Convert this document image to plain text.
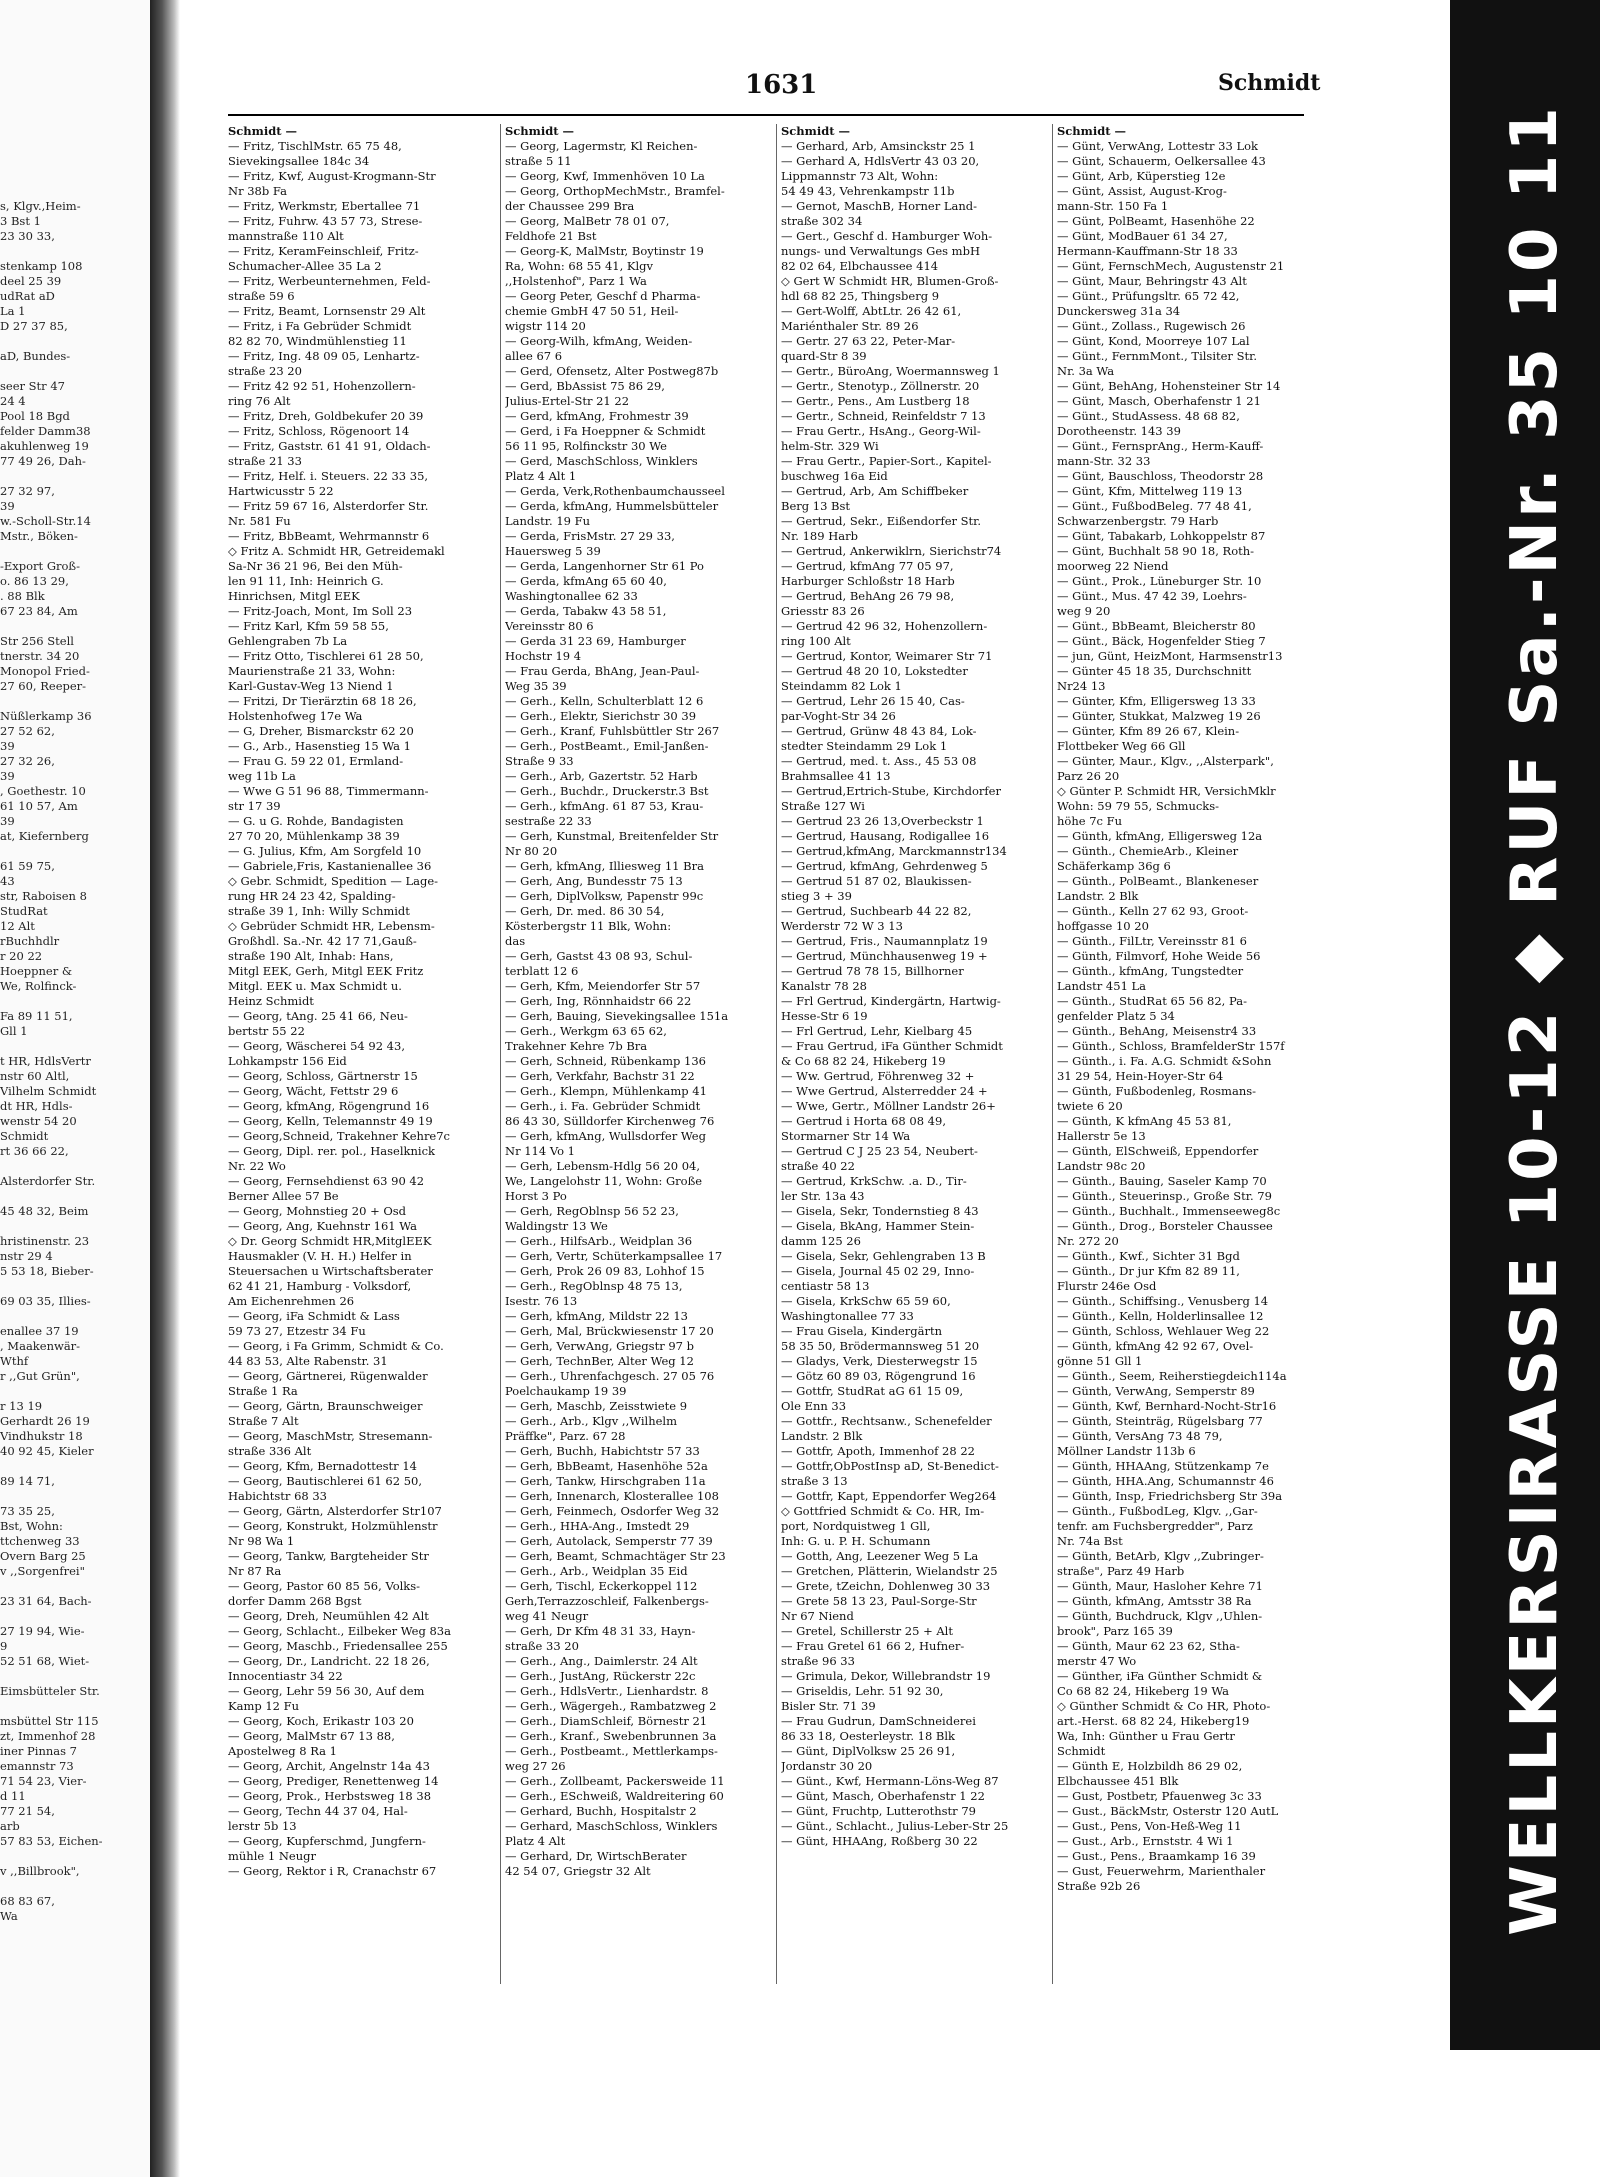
s, Klgv.,Heim-
3 Bst 1
23 30 33,

stenkamp 108
deel 25 39
udRat aD
La 1
D 27 37 85,

aD, Bundes-

seer Str 47
24 4
Pool 18 Bgd
felder Damm38
akuhlenweg 19
77 49 26, Dah-

27 32 97,
39
w.-Scholl-Str.14
Mstr., Böken-

-Export Groß-
o. 86 13 29,
. 88 Blk
67 23 84, Am

Str 256 Stell
tnerstr. 34 20
Monopol Fried-
27 60, Reeper-

Nüßlerkamp 36
27 52 62,
39
27 32 26,
39
, Goethestr. 10
61 10 57, Am
39
at, Kiefernberg

61 59 75,
43
str, Raboisen 8
StudRat
12 Alt
rBuchhdlr
r 20 22
Hoeppner &
We, Rolfinck-

Fa 89 11 51,
Gll 1

t HR, HdlsVertr
nstr 60 Altl,
Vilhelm Schmidt
dt HR, Hdls-
wenstr 54 20
Schmidt
rt 36 66 22,

Alsterdorfer Str.

45 48 32, Beim

hristinenstr. 23
nstr 29 4
5 53 18, Bieber-

69 03 35, Illies-

enallee 37 19
, Maakenwär-
Wthf
r ,,Gut Grün",

r 13 19
Gerhardt 26 19
Vindhukstr 18
40 92 45, Kieler

89 14 71,

73 35 25,
Bst, Wohn:
ttchenweg 33
Overn Barg 25
v ,,Sorgenfrei"

23 31 64, Bach-

27 19 94, Wie-
9
52 51 68, Wiet-

Eimsbütteler Str.

msbüttel Str 115
zt, Immenhof 28
iner Pinnas 7
emannstr 73
71 54 23, Vier-
d 11
77 21 54,
arb
57 83 53, Eichen-

v ,,Billbrook",

68 83 67,
Wa
1631	Schmidt
Schmidt —
— Fritz, TischlMstr. 65 75 48,
Sievekingsallee 184c 34
— Fritz, Kwf, August-Krogmann-Str
Nr 38b Fa
— Fritz, Werkmstr, Ebertallee 71
— Fritz, Fuhrw. 43 57 73, Strese-
mannstraße 110 Alt
— Fritz, KeramFeinschleif, Fritz-
Schumacher-Allee 35 La 2
— Fritz, Werbeunternehmen, Feld-
straße 59 6
— Fritz, Beamt, Lornsenstr 29 Alt
— Fritz, i Fa Gebrüder Schmidt
82 82 70, Windmühlenstieg 11
— Fritz, Ing. 48 09 05, Lenhartz-
straße 23 20
— Fritz 42 92 51, Hohenzollern-
ring 76 Alt
— Fritz, Dreh, Goldbekufer 20 39
— Fritz, Schloss, Rögenoort 14
— Fritz, Gaststr. 61 41 91, Oldach-
straße 21 33
— Fritz, Helf. i. Steuers. 22 33 35,
Hartwicusstr 5 22
— Fritz 59 67 16, Alsterdorfer Str.
Nr. 581 Fu
— Fritz, BbBeamt, Wehrmannstr 6
◇ Fritz A. Schmidt HR, Getreidemakl
Sa-Nr 36 21 96, Bei den Müh-
len 91 11, Inh: Heinrich G.
Hinrichsen, Mitgl EEK
— Fritz-Joach, Mont, Im Soll 23
— Fritz Karl, Kfm 59 58 55,
Gehlengraben 7b La
— Fritz Otto, Tischlerei 61 28 50,
Maurienstraße 21 33, Wohn:
Karl-Gustav-Weg 13 Niend 1
— Fritzi, Dr Tierärztin 68 18 26,
Holstenhofweg 17e Wa
— G, Dreher, Bismarckstr 62 20
— G., Arb., Hasenstieg 15 Wa 1
— Frau G. 59 22 01, Ermland-
weg 11b La
— Wwe G 51 96 88, Timmermann-
str 17 39
— G. u G. Rohde, Bandagisten
27 70 20, Mühlenkamp 38 39
— G. Julius, Kfm, Am Sorgfeld 10
— Gabriele,Fris, Kastanienallee 36
◇ Gebr. Schmidt, Spedition — Lage-
rung HR 24 23 42, Spalding-
straße 39 1, Inh: Willy Schmidt
◇ Gebrüder Schmidt HR, Lebensm-
Großhdl. Sa.-Nr. 42 17 71,Gauß-
straße 190 Alt, Inhab: Hans,
Mitgl EEK, Gerh, Mitgl EEK Fritz
Mitgl. EEK u. Max Schmidt u.
Heinz Schmidt
— Georg, tAng. 25 41 66, Neu-
bertstr 55 22
— Georg, Wäscherei 54 92 43,
Lohkampstr 156 Eid
— Georg, Schloss, Gärtnerstr 15
— Georg, Wächt, Fettstr 29 6
— Georg, kfmAng, Rögengrund 16
— Georg, Kelln, Telemannstr 49 19
— Georg,Schneid, Trakehner Kehre7c
— Georg, Dipl. rer. pol., Haselknick
Nr. 22 Wo
— Georg, Fernsehdienst 63 90 42
Berner Allee 57 Be
— Georg, Mohnstieg 20 + Osd
— Georg, Ang, Kuehnstr 161 Wa
◇ Dr. Georg Schmidt HR,MitglEEK
Hausmakler (V. H. H.) Helfer in
Steuersachen u Wirtschaftsberater
62 41 21, Hamburg - Volksdorf,
Am Eichenrehmen 26
— Georg, iFa Schmidt & Lass
59 73 27, Etzestr 34 Fu
— Georg, i Fa Grimm, Schmidt & Co.
44 83 53, Alte Rabenstr. 31
— Georg, Gärtnerei, Rügenwalder
Straße 1 Ra
— Georg, Gärtn, Braunschweiger
Straße 7 Alt
— Georg, MaschMstr, Stresemann-
straße 336 Alt
— Georg, Kfm, Bernadottestr 14
— Georg, Bautischlerei 61 62 50,
Habichtstr 68 33
— Georg, Gärtn, Alsterdorfer Str107
— Georg, Konstrukt, Holzmühlenstr
Nr 98 Wa 1
— Georg, Tankw, Bargteheider Str
Nr 87 Ra
— Georg, Pastor 60 85 56, Volks-
dorfer Damm 268 Bgst
— Georg, Dreh, Neumühlen 42 Alt
— Georg, Schlacht., Eilbeker Weg 83a
— Georg, Maschb., Friedensallee 255
— Georg, Dr., Landricht. 22 18 26,
Innocentiastr 34 22
— Georg, Lehr 59 56 30, Auf dem
Kamp 12 Fu
— Georg, Koch, Erikastr 103 20
— Georg, MalMstr 67 13 88,
Apostelweg 8 Ra 1
— Georg, Archit, Angelnstr 14a 43
— Georg, Prediger, Renettenweg 14
— Georg, Prok., Herbstsweg 18 38
— Georg, Techn 44 37 04, Hal-
lerstr 5b 13
— Georg, Kupferschmd, Jungfern-
mühle 1 Neugr
— Georg, Rektor i R, Cranachstr 67
Schmidt —
— Georg, Lagermstr, Kl Reichen-
straße 5 11
— Georg, Kwf, Immenhöven 10 La
— Georg, OrthopMechMstr., Bramfel-
der Chaussee 299 Bra
— Georg, MalBetr 78 01 07,
Feldhofe 21 Bst
— Georg-K, MalMstr, Boytinstr 19
Ra, Wohn: 68 55 41, Klgv
,,Holstenhof", Parz 1 Wa
— Georg Peter, Geschf d Pharma-
chemie GmbH 47 50 51, Heil-
wigstr 114 20
— Georg-Wilh, kfmAng, Weiden-
allee 67 6
— Gerd, Ofensetz, Alter Postweg87b
— Gerd, BbAssist 75 86 29,
Julius-Ertel-Str 21 22
— Gerd, kfmAng, Frohmestr 39
— Gerd, i Fa Hoeppner & Schmidt
56 11 95, Rolfinckstr 30 We
— Gerd, MaschSchloss, Winklers
Platz 4 Alt 1
— Gerda, Verk,Rothenbaumchausseel
— Gerda, kfmAng, Hummelsbütteler
Landstr. 19 Fu
— Gerda, FrisMstr. 27 29 33,
Hauersweg 5 39
— Gerda, Langenhorner Str 61 Po
— Gerda, kfmAng 65 60 40,
Washingtonallee 62 33
— Gerda, Tabakw 43 58 51,
Vereinsstr 80 6
— Gerda 31 23 69, Hamburger
Hochstr 19 4
— Frau Gerda, BhAng, Jean-Paul-
Weg 35 39
— Gerh., Kelln, Schulterblatt 12 6
— Gerh., Elektr, Sierichstr 30 39
— Gerh., Kranf, Fuhlsbüttler Str 267
— Gerh., PostBeamt., Emil-Janßen-
Straße 9 33
— Gerh., Arb, Gazertstr. 52 Harb
— Gerh., Buchdr., Druckerstr.3 Bst
— Gerh., kfmAng. 61 87 53, Krau-
sestraße 22 33
— Gerh, Kunstmal, Breitenfelder Str
Nr 80 20
— Gerh, kfmAng, Illiesweg 11 Bra
— Gerh, Ang, Bundesstr 75 13
— Gerh, DiplVolksw, Papenstr 99c
— Gerh, Dr. med. 86 30 54,
Kösterbergstr 11 Blk, Wohn:
das
— Gerh, Gastst 43 08 93, Schul-
terblatt 12 6
— Gerh, Kfm, Meiendorfer Str 57
— Gerh, Ing, Rönnhaidstr 66 22
— Gerh, Bauing, Sievekingsallee 151a
— Gerh., Werkgm 63 65 62,
Trakehner Kehre 7b Bra
— Gerh, Schneid, Rübenkamp 136
— Gerh, Verkfahr, Bachstr 31 22
— Gerh., Klempn, Mühlenkamp 41
— Gerh., i. Fa. Gebrüder Schmidt
86 43 30, Sülldorfer Kirchenweg 76
— Gerh, kfmAng, Wullsdorfer Weg
Nr 114 Vo 1
— Gerh, Lebensm-Hdlg 56 20 04,
We, Langelohstr 11, Wohn: Große
Horst 3 Po
— Gerh, RegOblnsp 56 52 23,
Waldingstr 13 We
— Gerh., HilfsArb., Weidplan 36
— Gerh, Vertr, Schüterkampsallee 17
— Gerh, Prok 26 09 83, Lohhof 15
— Gerh., RegOblnsp 48 75 13,
Isestr. 76 13
— Gerh, kfmAng, Mildstr 22 13
— Gerh, Mal, Brückwiesenstr 17 20
— Gerh, VerwAng, Griegstr 97 b
— Gerh, TechnBer, Alter Weg 12
— Gerh., Uhrenfachgesch. 27 05 76
Poelchaukamp 19 39
— Gerh, Maschb, Zeisstwiete 9
— Gerh., Arb., Klgv ,,Wilhelm
Präffke", Parz. 67 28
— Gerh, Buchh, Habichtstr 57 33
— Gerh, BbBeamt, Hasenhöhe 52a
— Gerh, Tankw, Hirschgraben 11a
— Gerh, Innenarch, Klosterallee 108
— Gerh, Feinmech, Osdorfer Weg 32
— Gerh., HHA-Ang., Imstedt 29
— Gerh, Autolack, Semperstr 77 39
— Gerh, Beamt, Schmachtäger Str 23
— Gerh., Arb., Weidplan 35 Eid
— Gerh, Tischl, Eckerkoppel 112
Gerh,Terrazzoschleif, Falkenbergs-
weg 41 Neugr
— Gerh, Dr Kfm 48 31 33, Hayn-
straße 33 20
— Gerh., Ang., Daimlerstr. 24 Alt
— Gerh., JustAng, Rückerstr 22c
— Gerh., HdlsVertr., Lienhardstr. 8
— Gerh., Wägergeh., Rambatzweg 2
— Gerh., DiamSchleif, Börnestr 21
— Gerh., Kranf., Swebenbrunnen 3a
— Gerh., Postbeamt., Mettlerkamps-
weg 27 26
— Gerh., Zollbeamt, Packersweide 11
— Gerh., ESchweiß, Waldreitering 60
— Gerhard, Buchh, Hospitalstr 2
— Gerhard, MaschSchloss, Winklers
Platz 4 Alt
— Gerhard, Dr, WirtschBerater
42 54 07, Griegstr 32 Alt
Schmidt —
— Gerhard, Arb, Amsinckstr 25 1
— Gerhard A, HdlsVertr 43 03 20,
Lippmannstr 73 Alt, Wohn:
54 49 43, Vehrenkampstr 11b
— Gernot, MaschB, Horner Land-
straße 302 34
— Gert., Geschf d. Hamburger Woh-
nungs- und Verwaltungs Ges mbH
82 02 64, Elbchaussee 414
◇ Gert W Schmidt HR, Blumen-Groß-
hdl 68 82 25, Thingsberg 9
— Gert-Wolff, AbtLtr. 26 42 61,
Mariénthaler Str. 89 26
— Gertr. 27 63 22, Peter-Mar-
quard-Str 8 39
— Gertr., BüroAng, Woermannsweg 1
— Gertr., Stenotyp., Zöllnerstr. 20
— Gertr., Pens., Am Lustberg 18
— Gertr., Schneid, Reinfeldstr 7 13
— Frau Gertr., HsAng., Georg-Wil-
helm-Str. 329 Wi
— Frau Gertr., Papier-Sort., Kapitel-
buschweg 16a Eid
— Gertrud, Arb, Am Schiffbeker
Berg 13 Bst
— Gertrud, Sekr., Eißendorfer Str.
Nr. 189 Harb
— Gertrud, Ankerwiklrn, Sierichstr74
— Gertrud, kfmAng 77 05 97,
Harburger Schloßstr 18 Harb
— Gertrud, BehAng 26 79 98,
Griesstr 83 26
— Gertrud 42 96 32, Hohenzollern-
ring 100 Alt
— Gertrud, Kontor, Weimarer Str 71
— Gertrud 48 20 10, Lokstedter
Steindamm 82 Lok 1
— Gertrud, Lehr 26 15 40, Cas-
par-Voght-Str 34 26
— Gertrud, Grünw 48 43 84, Lok-
stedter Steindamm 29 Lok 1
— Gertrud, med. t. Ass., 45 53 08
Brahmsallee 41 13
— Gertrud,Ertrich-Stube, Kirchdorfer
Straße 127 Wi
— Gertrud 23 26 13,Overbeckstr 1
— Gertrud, Hausang, Rodigallee 16
— Gertrud,kfmAng, Marckmannstr134
— Gertrud, kfmAng, Gehrdenweg 5
— Gertrud 51 87 02, Blaukissen-
stieg 3 + 39
— Gertrud, Suchbearb 44 22 82,
Werderstr 72 W 3 13
— Gertrud, Fris., Naumannplatz 19
— Gertrud, Münchhausenweg 19 +
— Gertrud 78 78 15, Billhorner
Kanalstr 78 28
— Frl Gertrud, Kindergärtn, Hartwig-
Hesse-Str 6 19
— Frl Gertrud, Lehr, Kielbarg 45
— Frau Gertrud, iFa Günther Schmidt
& Co 68 82 24, Hikeberg 19
— Ww. Gertrud, Föhrenweg 32 +
— Wwe Gertrud, Alsterredder 24 +
— Wwe, Gertr., Möllner Landstr 26+
— Gertrud i Horta 68 08 49,
Stormarner Str 14 Wa
— Gertrud C J 25 23 54, Neubert-
straße 40 22
— Gertrud, KrkSchw. .a. D., Tir-
ler Str. 13a 43
— Gisela, Sekr, Tondernstieg 8 43
— Gisela, BkAng, Hammer Stein-
damm 125 26
— Gisela, Sekr, Gehlengraben 13 B
— Gisela, Journal 45 02 29, Inno-
centiastr 58 13
— Gisela, KrkSchw 65 59 60,
Washingtonallee 77 33
— Frau Gisela, Kindergärtn
58 35 50, Brödermannsweg 51 20
— Gladys, Verk, Diesterwegstr 15
— Götz 60 89 03, Rögengrund 16
— Gottfr, StudRat aG 61 15 09,
Ole Enn 33
— Gottfr., Rechtsanw., Schenefelder
Landstr. 2 Blk
— Gottfr, Apoth, Immenhof 28 22
— Gottfr,ObPostInsp aD, St-Benedict-
straße 3 13
— Gottfr, Kapt, Eppendorfer Weg264
◇ Gottfried Schmidt & Co. HR, Im-
port, Nordquistweg 1 Gll,
Inh: G. u. P. H. Schumann
— Gotth, Ang, Leezener Weg 5 La
— Gretchen, Plätterin, Wielandstr 25
— Grete, tZeichn, Dohlenweg 30 33
— Grete 58 13 23, Paul-Sorge-Str
Nr 67 Niend
— Gretel, Schillerstr 25 + Alt
— Frau Gretel 61 66 2, Hufner-
straße 96 33
— Grimula, Dekor, Willebrandstr 19
— Griseldis, Lehr. 51 92 30,
Bisler Str. 71 39
— Frau Gudrun, DamSchneiderei
86 33 18, Oesterleystr. 18 Blk
— Günt, DiplVolksw 25 26 91,
Jordanstr 30 20
— Günt., Kwf, Hermann-Löns-Weg 87
— Günt, Masch, Oberhafenstr 1 22
— Günt, Fruchtp, Lutterothstr 79
— Günt., Schlacht., Julius-Leber-Str 25
— Günt, HHAAng, Roßberg 30 22
Schmidt —
— Günt, VerwAng, Lottestr 33 Lok
— Günt, Schauerm, Oelkersallee 43
— Günt, Arb, Küperstieg 12e
— Günt, Assist, August-Krog-
mann-Str. 150 Fa 1
— Günt, PolBeamt, Hasenhöhe 22
— Günt, ModBauer 61 34 27,
Hermann-Kauffmann-Str 18 33
— Günt, FernschMech, Augustenstr 21
— Günt, Maur, Behringstr 43 Alt
— Günt., Prüfungsltr. 65 72 42,
Dunckersweg 31a 34
— Günt., Zollass., Rugewisch 26
— Günt, Kond, Moorreye 107 Lal
— Günt., FernmMont., Tilsiter Str.
Nr. 3a Wa
— Günt, BehAng, Hohensteiner Str 14
— Günt, Masch, Oberhafenstr 1 21
— Günt., StudAssess. 48 68 82,
Dorotheenstr. 143 39
— Günt., FernsprAng., Herm-Kauff-
mann-Str. 32 33
— Günt, Bauschloss, Theodorstr 28
— Günt, Kfm, Mittelweg 119 13
— Günt., FußbodBeleg. 77 48 41,
Schwarzenbergstr. 79 Harb
— Günt, Tabakarb, Lohkoppelstr 87
— Günt, Buchhalt 58 90 18, Roth-
moorweg 22 Niend
— Günt., Prok., Lüneburger Str. 10
— Günt., Mus. 47 42 39, Loehrs-
weg 9 20
— Günt., BbBeamt, Bleicherstr 80
— Günt., Bäck, Hogenfelder Stieg 7
— jun, Günt, HeizMont, Harmsenstr13
— Günter 45 18 35, Durchschnitt
Nr24 13
— Günter, Kfm, Elligersweg 13 33
— Günter, Stukkat, Malzweg 19 26
— Günter, Kfm 89 26 67, Klein-
Flottbeker Weg 66 Gll
— Günter, Maur., Klgv., ,,Alsterpark",
Parz 26 20
◇ Günter P. Schmidt HR, VersichMklr
Wohn: 59 79 55, Schmucks-
höhe 7c Fu
— Günth, kfmAng, Elligersweg 12a
— Günth., ChemieArb., Kleiner
Schäferkamp 36g 6
— Günth., PolBeamt., Blankeneser
Landstr. 2 Blk
— Günth., Kelln 27 62 93, Groot-
hoffgasse 10 20
— Günth., FilLtr, Vereinsstr 81 6
— Günth, Filmvorf, Hohe Weide 56
— Günth., kfmAng, Tungstedter
Landstr 451 La
— Günth., StudRat 65 56 82, Pa-
genfelder Platz 5 34
— Günth., BehAng, Meisenstr4 33
— Günth., Schloss, BramfelderStr 157f
— Günth., i. Fa. A.G. Schmidt &Sohn
31 29 54, Hein-Hoyer-Str 64
— Günth, Fußbodenleg, Rosmans-
twiete 6 20
— Günth, K kfmAng 45 53 81,
Hallerstr 5e 13
— Günth, ElSchweiß, Eppendorfer
Landstr 98c 20
— Günth., Bauing, Saseler Kamp 70
— Günth., Steuerinsp., Große Str. 79
— Günth., Buchhalt., Immenseeweg8c
— Günth., Drog., Borsteler Chaussee
Nr. 272 20
— Günth., Kwf., Sichter 31 Bgd
— Günth., Dr jur Kfm 82 89 11,
Flurstr 246e Osd
— Günth., Schiffsing., Venusberg 14
— Günth., Kelln, Holderlinsallee 12
— Günth, Schloss, Wehlauer Weg 22
— Günth, kfmAng 42 92 67, Ovel-
gönne 51 Gll 1
— Günth., Seem, Reiherstiegdeich114a
— Günth, VerwAng, Semperstr 89
— Günth, Kwf, Bernhard-Nocht-Str16
— Günth, Steinträg, Rügelsbarg 77
— Günth, VersAng 73 48 79,
Möllner Landstr 113b 6
— Günth, HHAAng, Stützenkamp 7e
— Günth, HHA.Ang, Schumannstr 46
— Günth, Insp, Friedrichsberg Str 39a
— Günth., FußbodLeg, Klgv. ,,Gar-
tenfr. am Fuchsbergredder", Parz
Nr. 74a Bst
— Günth, BetArb, Klgv ,,Zubringer-
straße", Parz 49 Harb
— Günth, Maur, Hasloher Kehre 71
— Günth, kfmAng, Amtsstr 38 Ra
— Günth, Buchdruck, Klgv ,,Uhlen-
brook", Parz 165 39
— Günth, Maur 62 23 62, Stha-
merstr 47 Wo
— Günther, iFa Günther Schmidt &
Co 68 82 24, Hikeberg 19 Wa
◇ Günther Schmidt & Co HR, Photo-
art.-Herst. 68 82 24, Hikeberg19
Wa, Inh: Günther u Frau Gertr
Schmidt
— Günth E, Holzbildh 86 29 02,
Elbchaussee 451 Blk
— Gust, Postbetr, Pfauenweg 3c 33
— Gust., BäckMstr, Osterstr 120 AutL
— Gust., Pens, Von-Heß-Weg 11
— Gust., Arb., Ernststr. 4 Wi 1
— Gust., Pens., Braamkamp 16 39
— Gust, Feuerwehrm, Marienthaler
Straße 92b 26	WELLKERSIRASSE 10-12 ◆ RUF Sa.-Nr. 35 10 11
